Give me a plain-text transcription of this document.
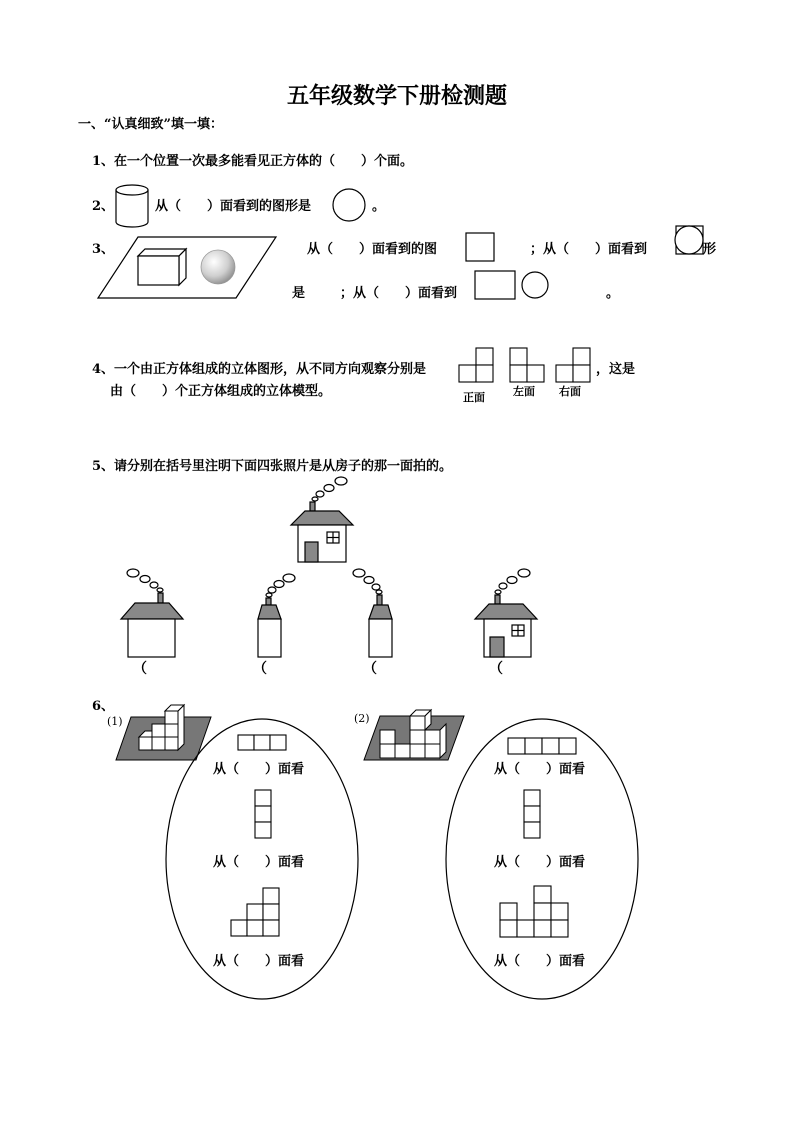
五年级数学下册检测题
一、“认真细致”填一填：
1、在一个位置一次最多能看见正方体的（　　）个面。
2、	从（　　）面看到的图形是	。
3、	从（　　）面看到的图	；从（　　）面看到	形
是	；从（　　）面看到	。
4、一个由正方体组成的立体图形，从不同方向观察分别是	，这是
由（　　）个正方体组成的立体模型。	正面	左面 右面
5、请分别在括号里注明下面四张照片是从房子的那一面拍的。
（	（	（	（
6、
(1)	(2)
从（　　）面看
从（　　）面看
从（　　）面看
从（　　）面看
从（　　）面看
从（　　）面看
